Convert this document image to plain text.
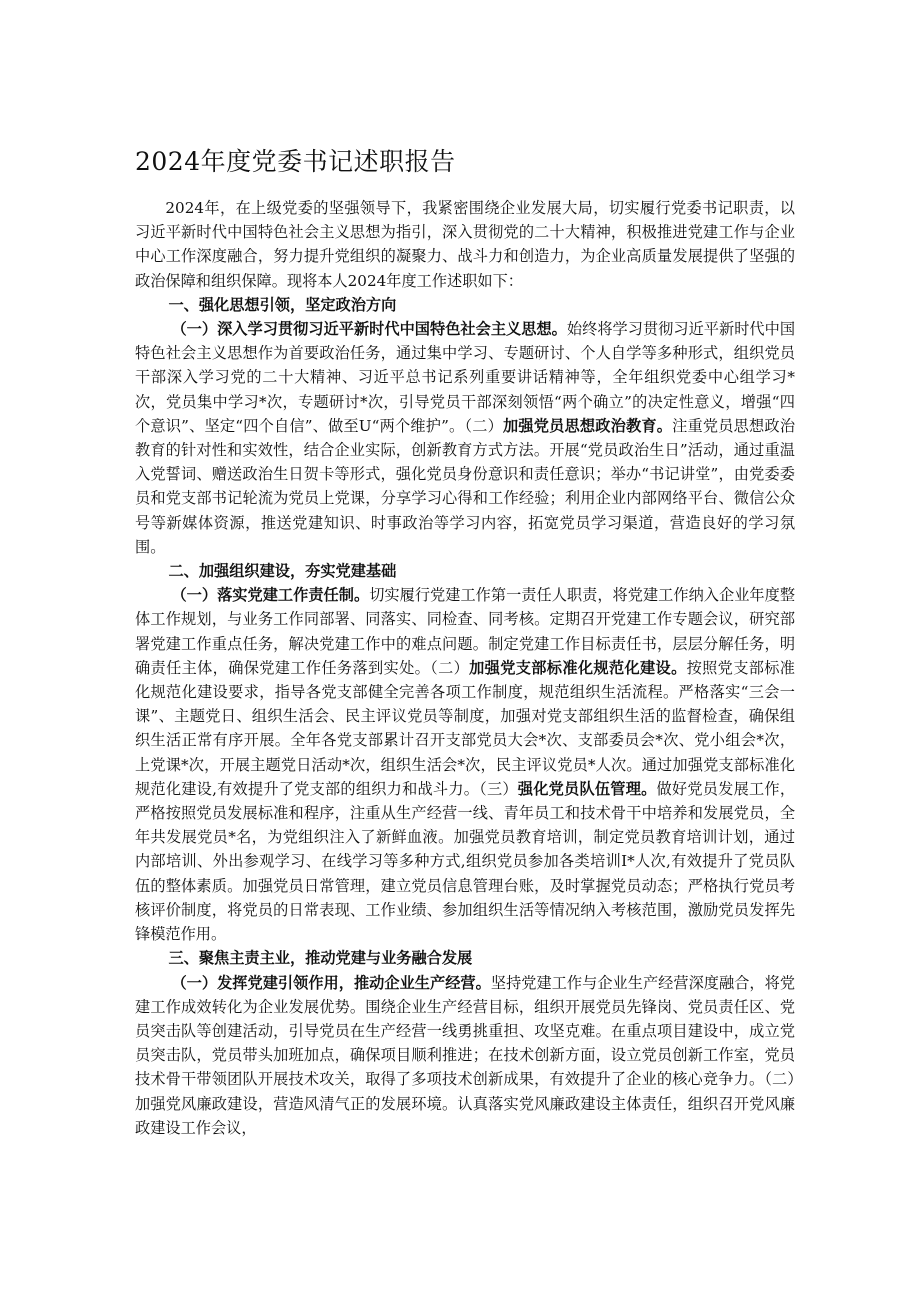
2024年度党委书记述职报告

2024年，在上级党委的坚强领导下，我紧密围绕企业发展大局，切实履行党委书记职责，以习近平新时代中国特色社会主义思想为指引，深入贯彻党的二十大精神，积极推进党建工作与企业中心工作深度融合，努力提升党组织的凝聚力、战斗力和创造力，为企业高质量发展提供了坚强的政治保障和组织保障。现将本人2024年度工作述职如下：

一、强化思想引领，坚定政治方向

（一）深入学习贯彻习近平新时代中国特色社会主义思想。始终将学习贯彻习近平新时代中国特色社会主义思想作为首要政治任务，通过集中学习、专题研讨、个人自学等多种形式，组织党员干部深入学习党的二十大精神、习近平总书记系列重要讲话精神等，全年组织党委中心组学习*次，党员集中学习*次，专题研讨*次，引导党员干部深刻领悟“两个确立”的决定性意义，增强“四个意识”、坚定“四个自信”、做至U“两个维护”。（二）加强党员思想政治教育。注重党员思想政治教育的针对性和实效性，结合企业实际，创新教育方式方法。开展“党员政治生日”活动，通过重温入党誓词、赠送政治生日贺卡等形式，强化党员身份意识和责任意识；举办“书记讲堂”，由党委委员和党支部书记轮流为党员上党课，分享学习心得和工作经验；利用企业内部网络平台、微信公众号等新媒体资源，推送党建知识、时事政治等学习内容，拓宽党员学习渠道，营造良好的学习氛围。

二、加强组织建设，夯实党建基础

（一）落实党建工作责任制。切实履行党建工作第一责任人职责，将党建工作纳入企业年度整体工作规划，与业务工作同部署、同落实、同检查、同考核。定期召开党建工作专题会议，研究部署党建工作重点任务，解决党建工作中的难点问题。制定党建工作目标责任书，层层分解任务，明确责任主体，确保党建工作任务落到实处。（二）加强党支部标准化规范化建设。按照党支部标准化规范化建设要求，指导各党支部健全完善各项工作制度，规范组织生活流程。严格落实“三会一课”、主题党日、组织生活会、民主评议党员等制度，加强对党支部组织生活的监督检查，确保组织生活正常有序开展。全年各党支部累计召开支部党员大会*次、支部委员会*次、党小组会*次，上党课*次，开展主题党日活动*次，组织生活会*次，民主评议党员*人次。通过加强党支部标准化规范化建设,有效提升了党支部的组织力和战斗力。（三）强化党员队伍管理。做好党员发展工作，严格按照党员发展标准和程序，注重从生产经营一线、青年员工和技术骨干中培养和发展党员，全年共发展党员*名，为党组织注入了新鲜血液。加强党员教育培训，制定党员教育培训计划，通过内部培训、外出参观学习、在线学习等多种方式,组织党员参加各类培训I*人次,有效提升了党员队伍的整体素质。加强党员日常管理，建立党员信息管理台账，及时掌握党员动态；严格执行党员考核评价制度，将党员的日常表现、工作业绩、参加组织生活等情况纳入考核范围，激励党员发挥先锋模范作用。

三、聚焦主责主业，推动党建与业务融合发展

（一）发挥党建引领作用，推动企业生产经营。坚持党建工作与企业生产经营深度融合，将党建工作成效转化为企业发展优势。围绕企业生产经营目标，组织开展党员先锋岗、党员责任区、党员突击队等创建活动，引导党员在生产经营一线勇挑重担、攻坚克难。在重点项目建设中，成立党员突击队，党员带头加班加点，确保项目顺利推进；在技术创新方面，设立党员创新工作室，党员技术骨干带领团队开展技术攻关，取得了多项技术创新成果，有效提升了企业的核心竞争力。（二）加强党风廉政建设，营造风清气正的发展环境。认真落实党风廉政建设主体责任，组织召开党风廉政建设工作会议，
